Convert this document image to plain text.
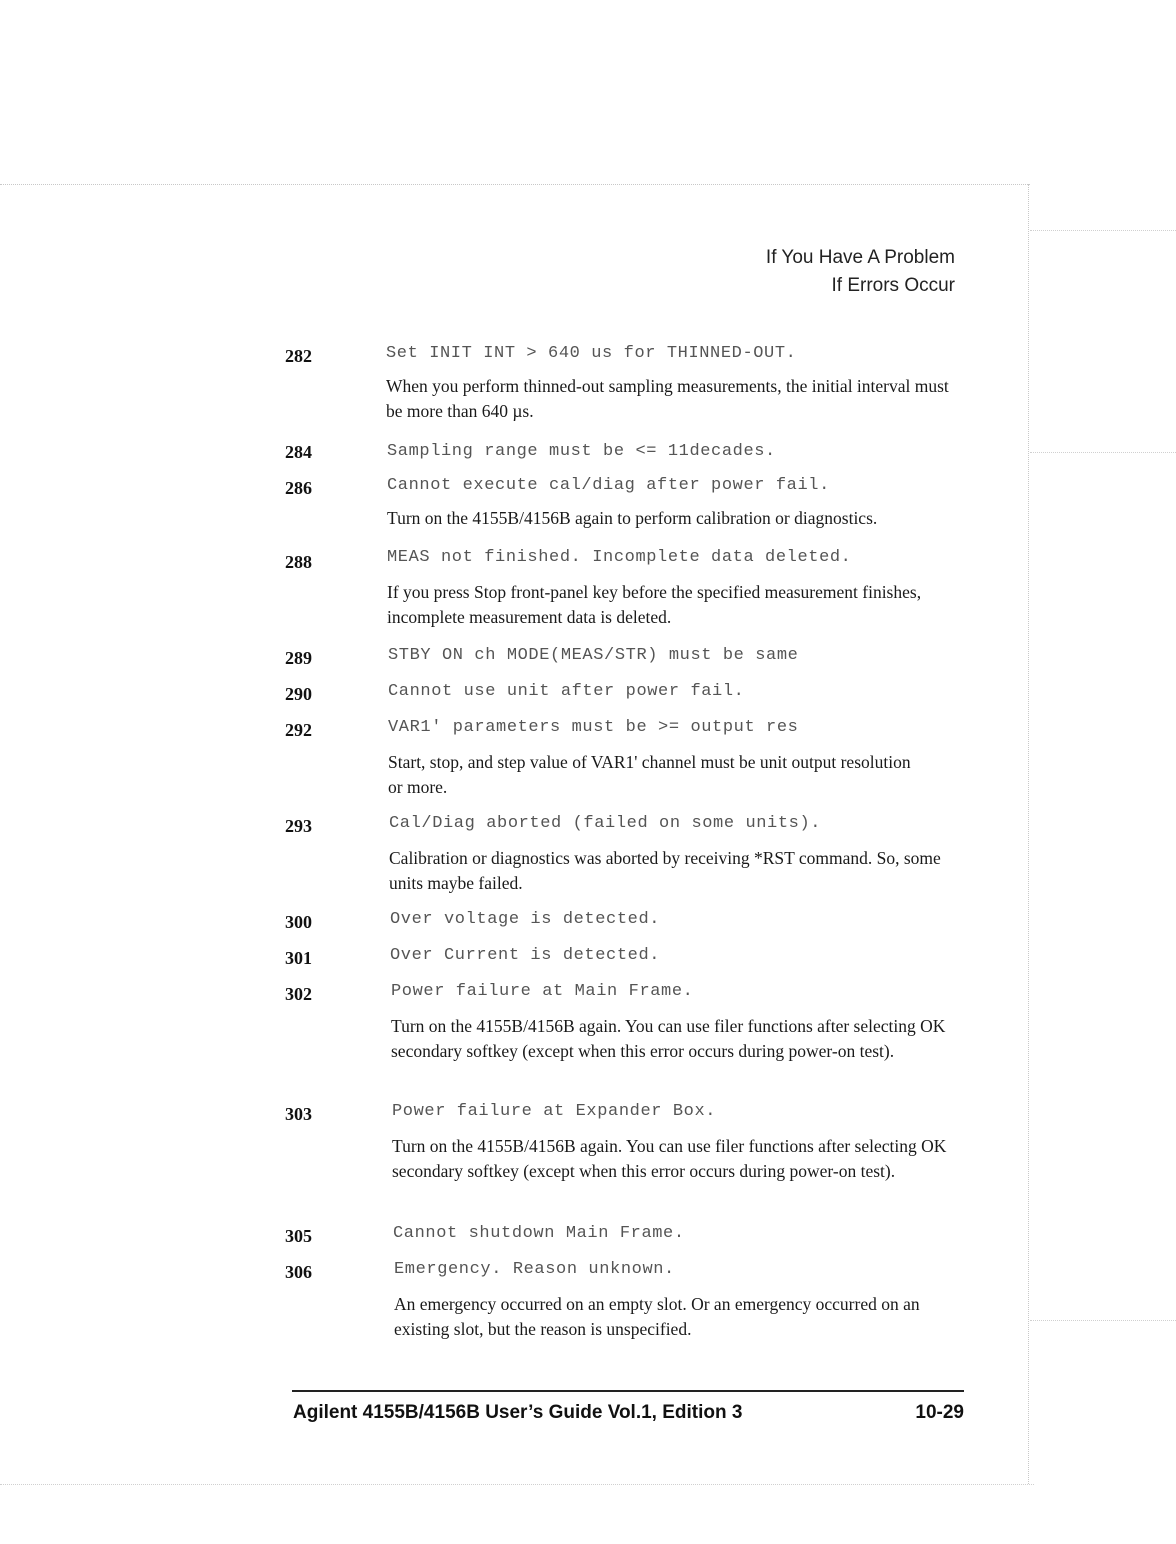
If You Have A Problem
If Errors Occur
282	Set INIT INT > 640 us for THINNED-OUT.
When you perform thinned-out sampling measurements, the initial interval must be more than 640 µs.
284	Sampling range must be <= 11decades.
286	Cannot execute cal/diag after power fail.
Turn on the 4155B/4156B again to perform calibration or diagnostics.
288	MEAS not finished. Incomplete data deleted.
If you press Stop front-panel key before the specified measurement finishes, incomplete measurement data is deleted.
289	STBY ON ch MODE(MEAS/STR) must be same
290	Cannot use unit after power fail.
292	VAR1' parameters must be >= output res
Start, stop, and step value of VAR1' channel must be unit output resolution or more.
293	Cal/Diag aborted (failed on some units).
Calibration or diagnostics was aborted by receiving *RST command. So, some units maybe failed.
300	Over voltage is detected.
301	Over Current is detected.
302	Power failure at Main Frame.
Turn on the 4155B/4156B again. You can use filer functions after selecting OK secondary softkey (except when this error occurs during power-on test).
303	Power failure at Expander Box.
Turn on the 4155B/4156B again. You can use filer functions after selecting OK secondary softkey (except when this error occurs during power-on test).
305	Cannot shutdown Main Frame.
306	Emergency. Reason unknown.
An emergency occurred on an empty slot. Or an emergency occurred on an existing slot, but the reason is unspecified.
Agilent 4155B/4156B User’s Guide Vol.1, Edition 3	10-29
